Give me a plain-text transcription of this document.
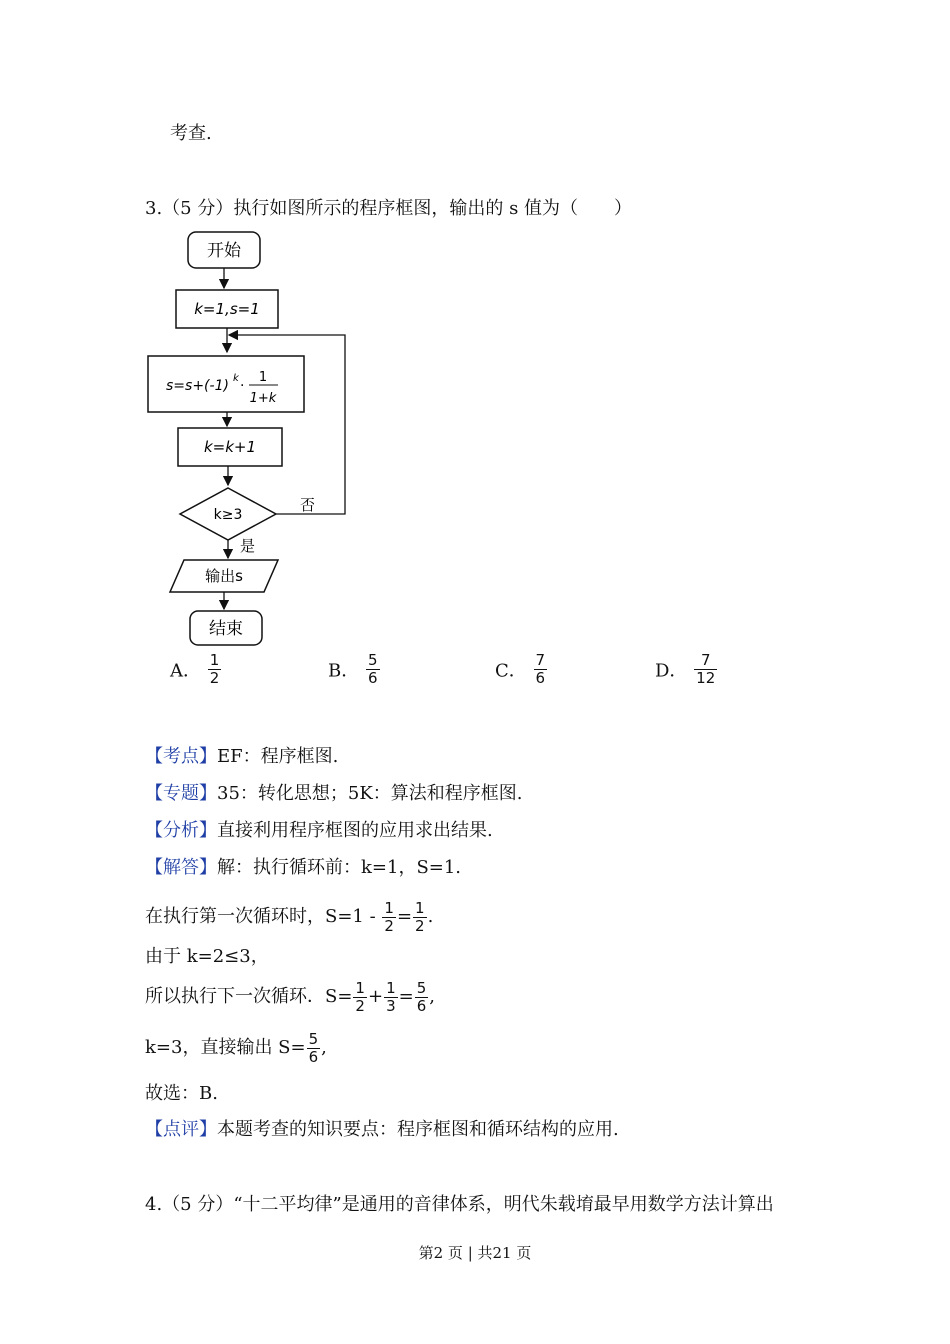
考查.
3.（5 分）执行如图所示的程序框图，输出的 s 值为（　　）
开始
k=1,s=1
s=s+(-1) k ·
1
1+k
k=k+1
k≥3
否
是
输出s
结束
A． $\frac{1}{2}$	B． $\frac{5}{6}$	C． $\frac{7}{6}$	D． $\frac{7}{12}$
【考点】EF：程序框图.
【专题】35：转化思想；5K：算法和程序框图.
【分析】直接利用程序框图的应用求出结果.
【解答】解：执行循环前：k=1，S=1.
在执行第一次循环时，$S=1 - \frac{1}{2} = \frac{1}{2}$ .
由于 k=2≤3，
所以执行下一次循环．$S= \frac{1}{2} + \frac{1}{3} = \frac{5}{6}$ ,
k=3，直接输出 $S= \frac{5}{6}$ ,
故选：B.
【点评】本题考查的知识要点：程序框图和循环结构的应用.
4.（5 分）“十二平均律”是通用的音律体系，明代朱载堉最早用数学方法计算出
第2 页 | 共21 页
